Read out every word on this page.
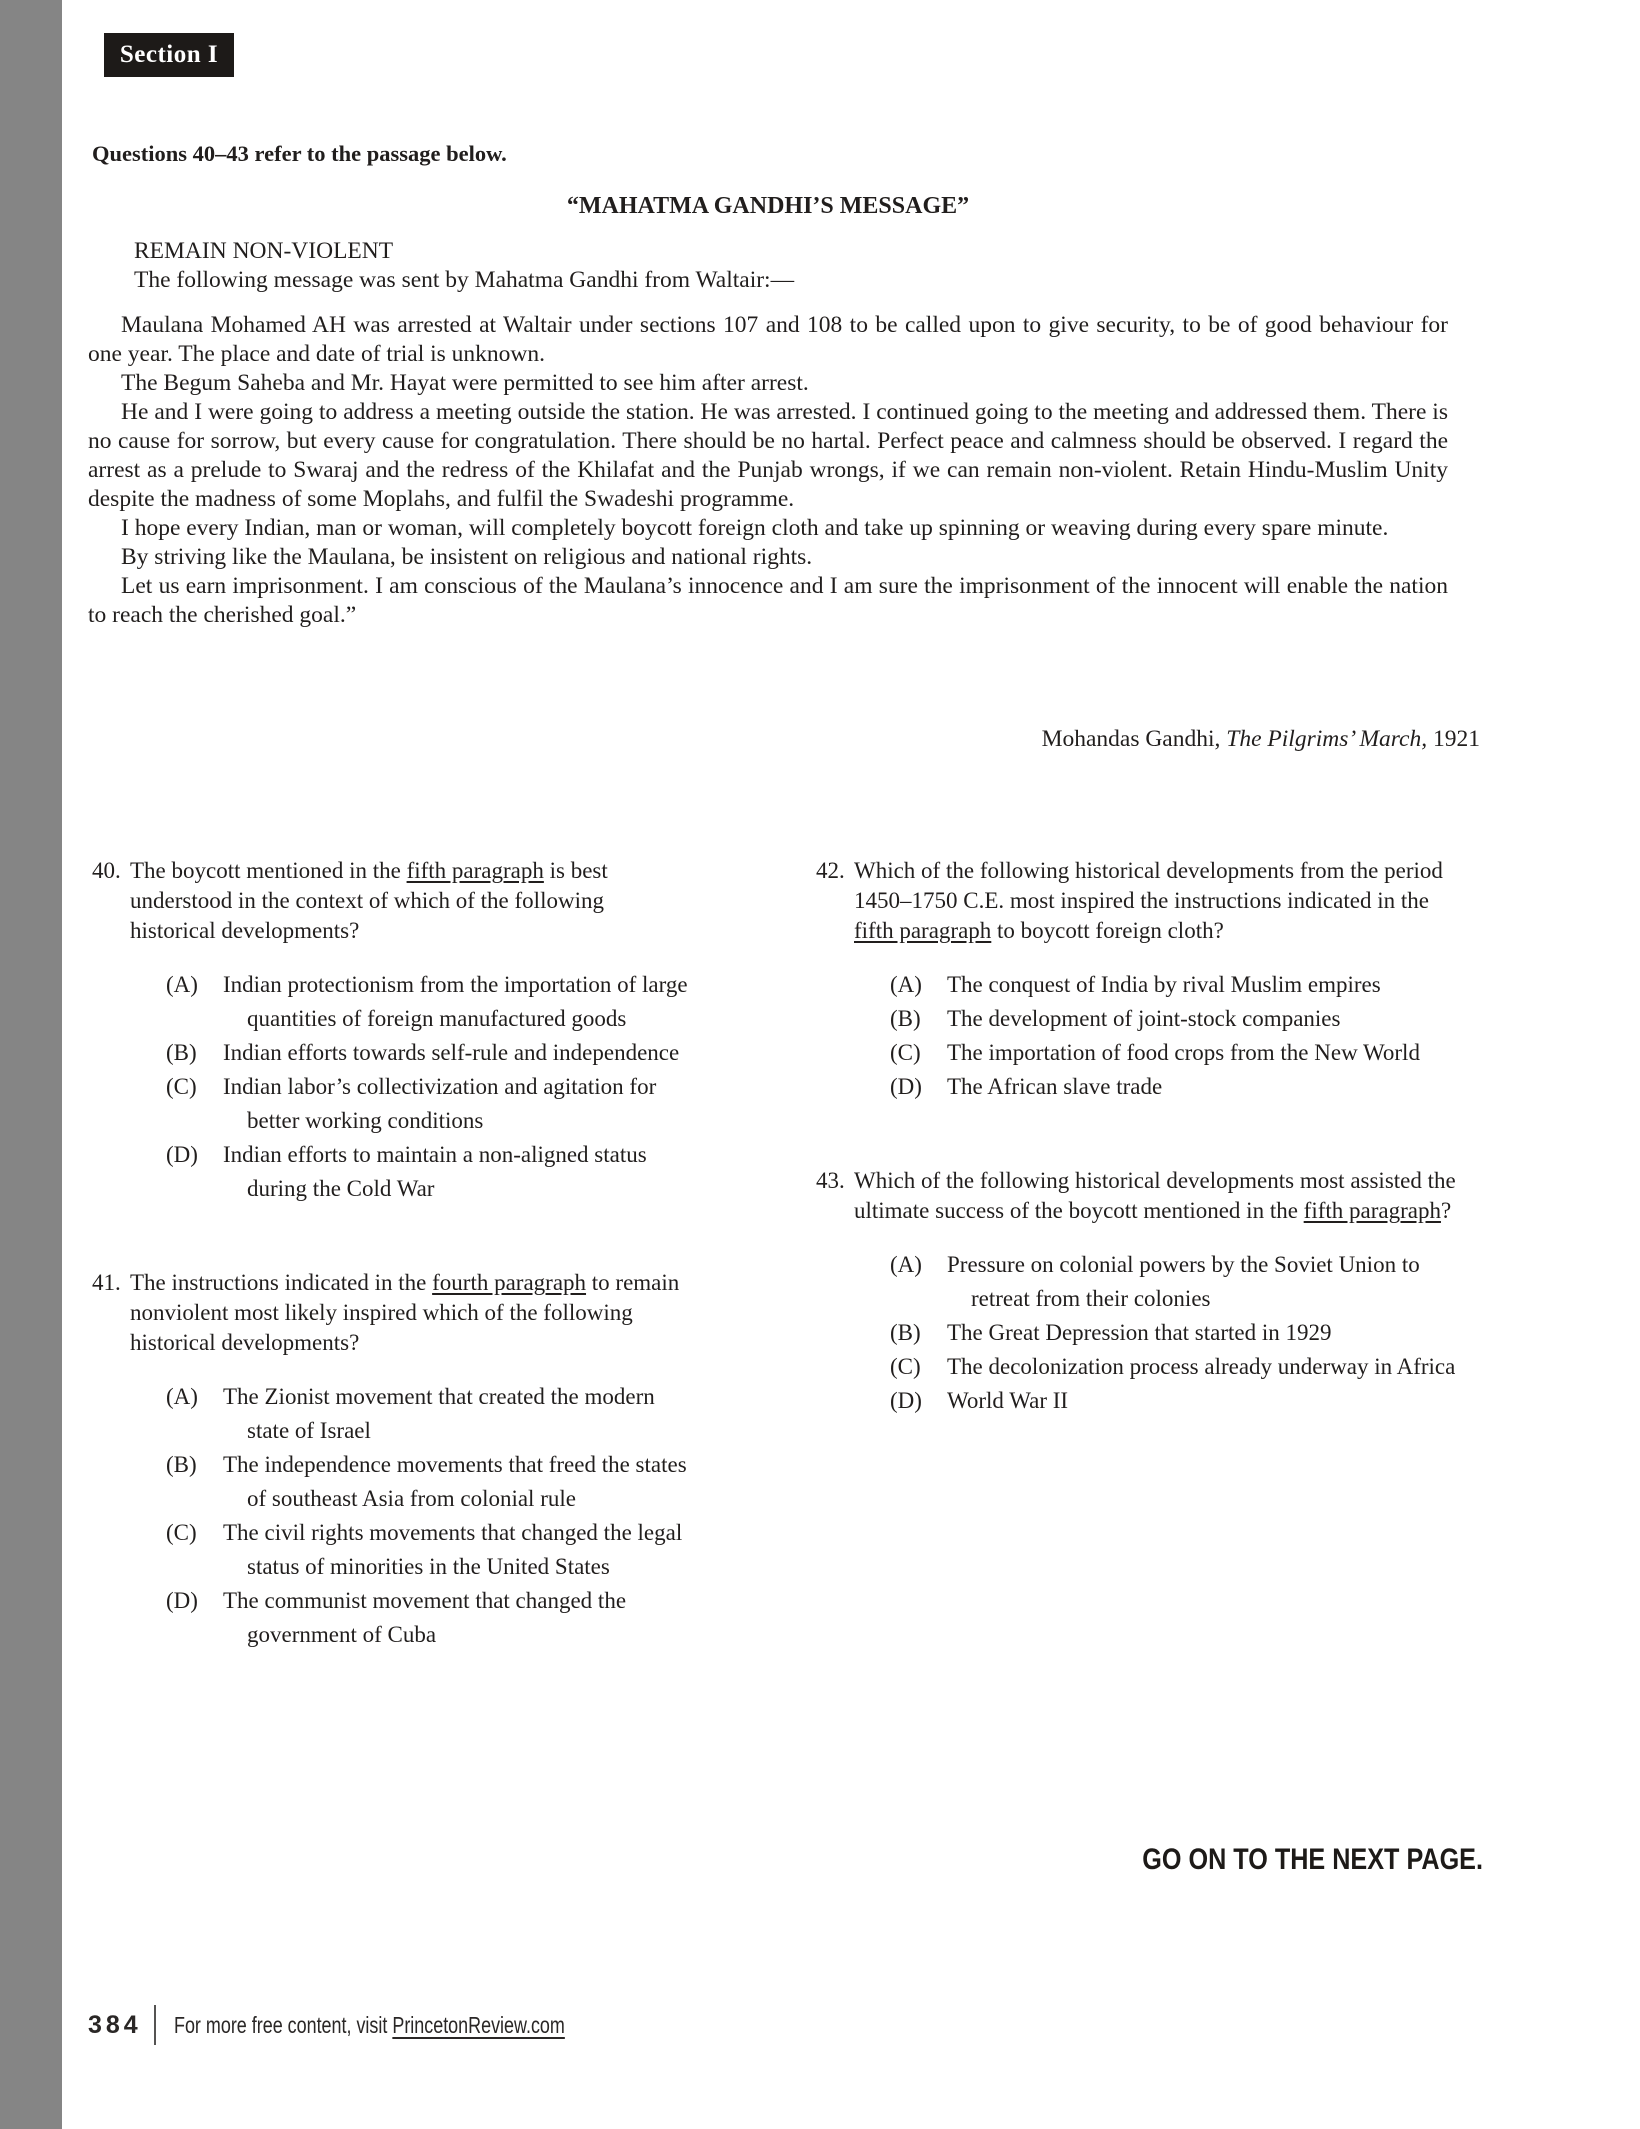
Section I
Questions 40–43 refer to the passage below.
“MAHATMA GANDHI’S MESSAGE”
REMAIN NON-VIOLENT
The following message was sent by Mahatma Gandhi from Waltair:—

Maulana Mohamed AH was arrested at Waltair under sections 107 and 108 to be called upon to give security, to be of good behaviour for one year. The place and date of trial is unknown.

The Begum Saheba and Mr. Hayat were permitted to see him after arrest.

He and I were going to address a meeting outside the station. He was arrested. I continued going to the meeting and addressed them. There is no cause for sorrow, but every cause for congratulation. There should be no hartal. Perfect peace and calmness should be observed. I regard the arrest as a prelude to Swaraj and the redress of the Khilafat and the Punjab wrongs, if we can remain non-violent. Retain Hindu-Muslim Unity despite the madness of some Moplahs, and fulfil the Swadeshi programme.

I hope every Indian, man or woman, will completely boycott foreign cloth and take up spinning or weaving during every spare minute.

By striving like the Maulana, be insistent on religious and national rights.

Let us earn imprisonment. I am conscious of the Maulana’s innocence and I am sure the imprisonment of the innocent will enable the nation to reach the cherished goal.”

Mohandas Gandhi, The Pilgrims’ March, 1921
40. The boycott mentioned in the fifth paragraph is best understood in the context of which of the following historical developments?

(A)	Indian protectionism from the importation of large quantities of foreign manufactured goods
(B)	Indian efforts towards self-rule and independence
(C)	Indian labor’s collectivization and agitation for better working conditions
(D)	Indian efforts to maintain a non-aligned status during the Cold War
41. The instructions indicated in the fourth paragraph to remain nonviolent most likely inspired which of the following historical developments?

(A)	The Zionist movement that created the modern state of Israel
(B)	The independence movements that freed the states of southeast Asia from colonial rule
(C)	The civil rights movements that changed the legal status of minorities in the United States
(D)	The communist movement that changed the government of Cuba
42. Which of the following historical developments from the period 1450–1750 C.E. most inspired the instructions indicated in the fifth paragraph to boycott foreign cloth?

(A)	The conquest of India by rival Muslim empires
(B)	The development of joint-stock companies
(C)	The importation of food crops from the New World
(D)	The African slave trade
43. Which of the following historical developments most assisted the ultimate success of the boycott mentioned in the fifth paragraph?

(A)	Pressure on colonial powers by the Soviet Union to retreat from their colonies
(B)	The Great Depression that started in 1929
(C)	The decolonization process already underway in Africa
(D)	World War II
GO ON TO THE NEXT PAGE.
384 For more free content, visit PrincetonReview.com
